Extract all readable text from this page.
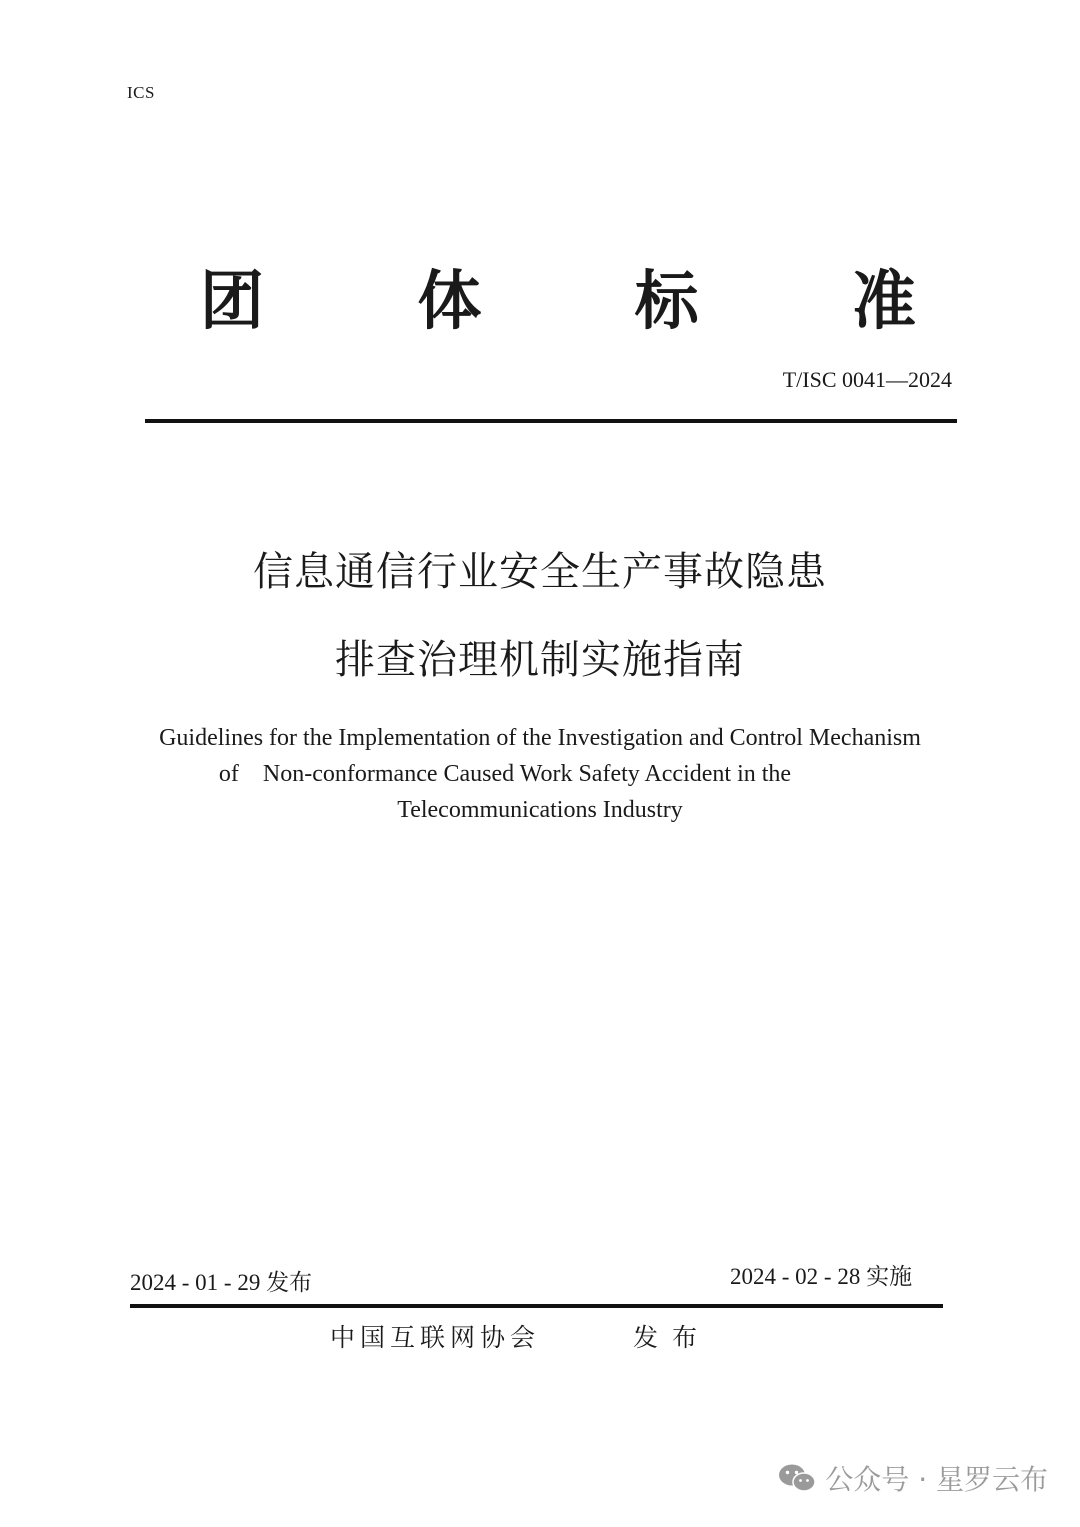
ICS
团 体 标 准
T/ISC 0041—2024
信息通信行业安全生产事故隐患
排查治理机制实施指南
Guidelines for the Implementation of the Investigation and Control Mechanism
of Non-conformance Caused Work Safety Accident in the
Telecommunications Industry
2024 - 01 - 29 发布	2024 - 02 - 28 实施
中国互联网协会	发布
公众号 · 星罗云布
